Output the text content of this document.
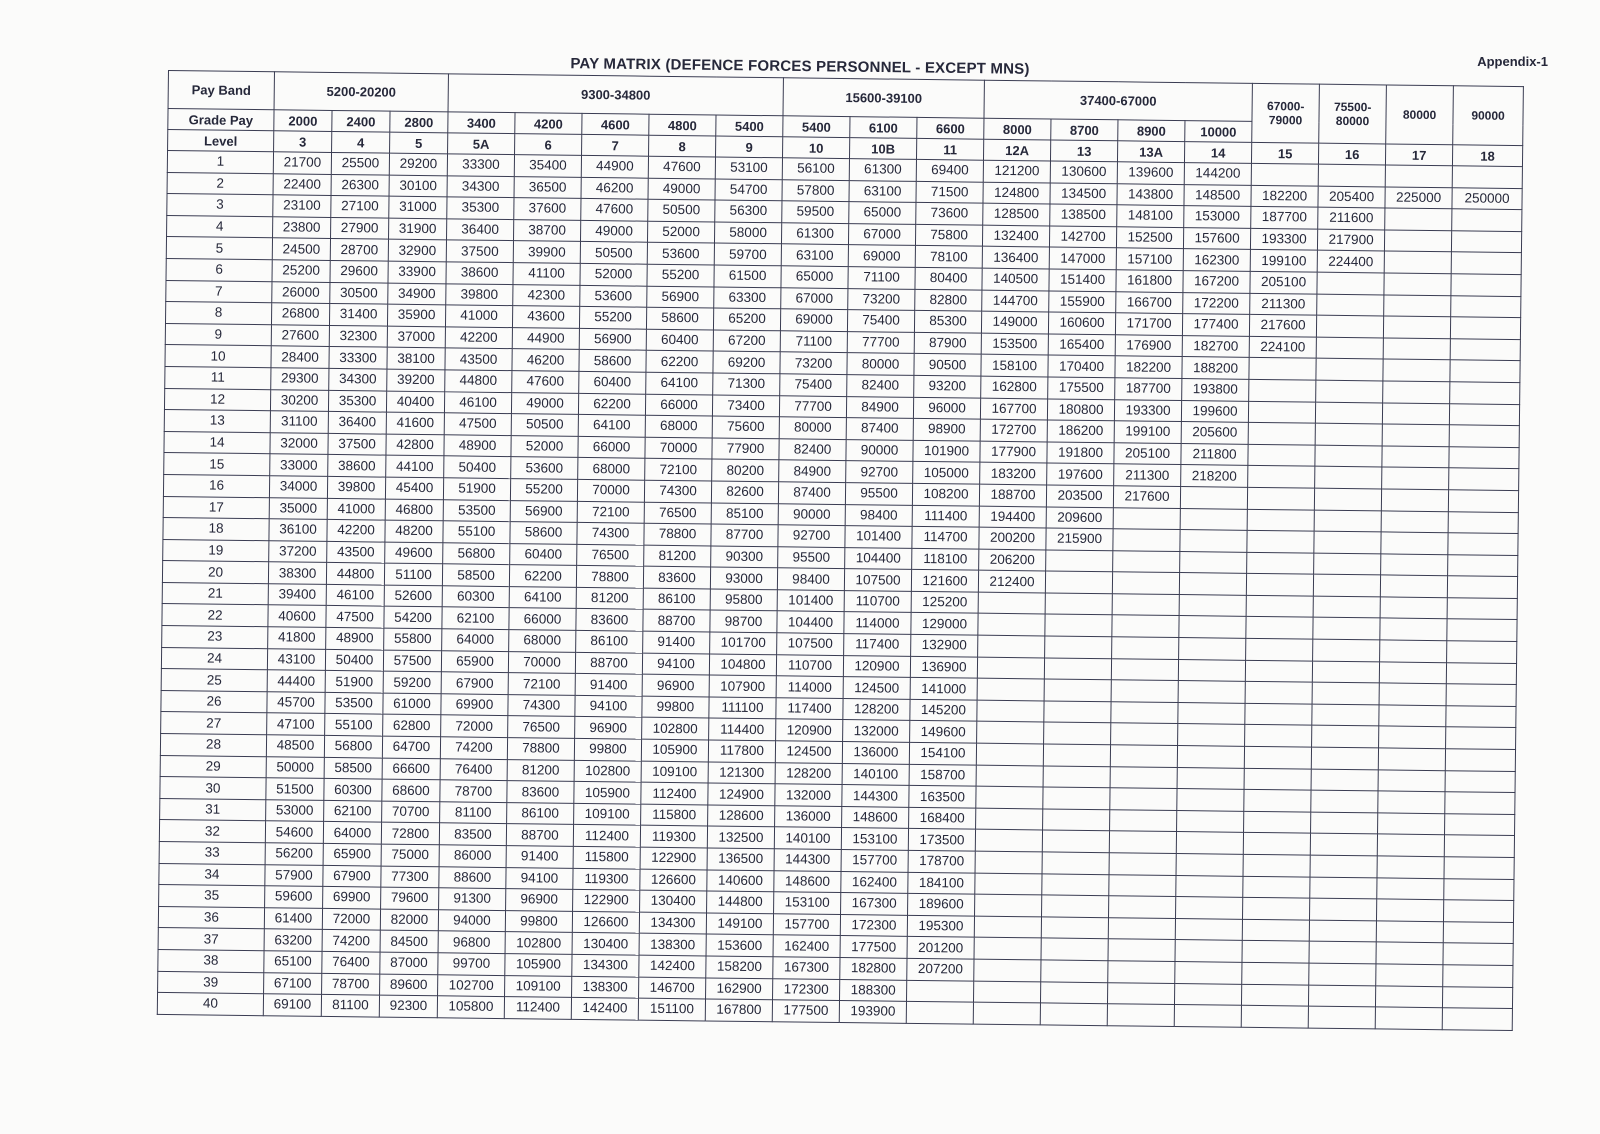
PAY MATRIX (DEFENCE FORCES PERSONNEL - EXCEPT MNS)	Appendix-1
Pay Band	5200-20200			9300-34800					15600-39100			37400-67000				67000-79000	75500-80000	80000	90000
Grade Pay	2000	2400	2800	3400	4200	4600	4800	5400	5400	6100	6600	8000	8700	8900	10000				
Level	3	4	5	5A	6	7	8	9	10	10B	11	12A	13	13A	14	15	16	17	18
1	21700	25500	29200	33300	35400	44900	47600	53100	56100	61300	69400	121200	130600	139600	144200				
2	22400	26300	30100	34300	36500	46200	49000	54700	57800	63100	71500	124800	134500	143800	148500	182200	205400	225000	250000
3	23100	27100	31000	35300	37600	47600	50500	56300	59500	65000	73600	128500	138500	148100	153000	187700	211600		
4	23800	27900	31900	36400	38700	49000	52000	58000	61300	67000	75800	132400	142700	152500	157600	193300	217900		
5	24500	28700	32900	37500	39900	50500	53600	59700	63100	69000	78100	136400	147000	157100	162300	199100	224400		
6	25200	29600	33900	38600	41100	52000	55200	61500	65000	71100	80400	140500	151400	161800	167200	205100			
7	26000	30500	34900	39800	42300	53600	56900	63300	67000	73200	82800	144700	155900	166700	172200	211300			
8	26800	31400	35900	41000	43600	55200	58600	65200	69000	75400	85300	149000	160600	171700	177400	217600			
9	27600	32300	37000	42200	44900	56900	60400	67200	71100	77700	87900	153500	165400	176900	182700	224100			
10	28400	33300	38100	43500	46200	58600	62200	69200	73200	80000	90500	158100	170400	182200	188200				
11	29300	34300	39200	44800	47600	60400	64100	71300	75400	82400	93200	162800	175500	187700	193800				
12	30200	35300	40400	46100	49000	62200	66000	73400	77700	84900	96000	167700	180800	193300	199600				
13	31100	36400	41600	47500	50500	64100	68000	75600	80000	87400	98900	172700	186200	199100	205600				
14	32000	37500	42800	48900	52000	66000	70000	77900	82400	90000	101900	177900	191800	205100	211800				
15	33000	38600	44100	50400	53600	68000	72100	80200	84900	92700	105000	183200	197600	211300	218200				
16	34000	39800	45400	51900	55200	70000	74300	82600	87400	95500	108200	188700	203500	217600					
17	35000	41000	46800	53500	56900	72100	76500	85100	90000	98400	111400	194400	209600						
18	36100	42200	48200	55100	58600	74300	78800	87700	92700	101400	114700	200200	215900						
19	37200	43500	49600	56800	60400	76500	81200	90300	95500	104400	118100	206200							
20	38300	44800	51100	58500	62200	78800	83600	93000	98400	107500	121600	212400							
21	39400	46100	52600	60300	64100	81200	86100	95800	101400	110700	125200								
22	40600	47500	54200	62100	66000	83600	88700	98700	104400	114000	129000								
23	41800	48900	55800	64000	68000	86100	91400	101700	107500	117400	132900								
24	43100	50400	57500	65900	70000	88700	94100	104800	110700	120900	136900								
25	44400	51900	59200	67900	72100	91400	96900	107900	114000	124500	141000								
26	45700	53500	61000	69900	74300	94100	99800	111100	117400	128200	145200								
27	47100	55100	62800	72000	76500	96900	102800	114400	120900	132000	149600								
28	48500	56800	64700	74200	78800	99800	105900	117800	124500	136000	154100								
29	50000	58500	66600	76400	81200	102800	109100	121300	128200	140100	158700								
30	51500	60300	68600	78700	83600	105900	112400	124900	132000	144300	163500								
31	53000	62100	70700	81100	86100	109100	115800	128600	136000	148600	168400								
32	54600	64000	72800	83500	88700	112400	119300	132500	140100	153100	173500								
33	56200	65900	75000	86000	91400	115800	122900	136500	144300	157700	178700								
34	57900	67900	77300	88600	94100	119300	126600	140600	148600	162400	184100								
35	59600	69900	79600	91300	96900	122900	130400	144800	153100	167300	189600								
36	61400	72000	82000	94000	99800	126600	134300	149100	157700	172300	195300								
37	63200	74200	84500	96800	102800	130400	138300	153600	162400	177500	201200								
38	65100	76400	87000	99700	105900	134300	142400	158200	167300	182800	207200								
39	67100	78700	89600	102700	109100	138300	146700	162900	172300	188300									
40	69100	81100	92300	105800	112400	142400	151100	167800	177500	193900									
